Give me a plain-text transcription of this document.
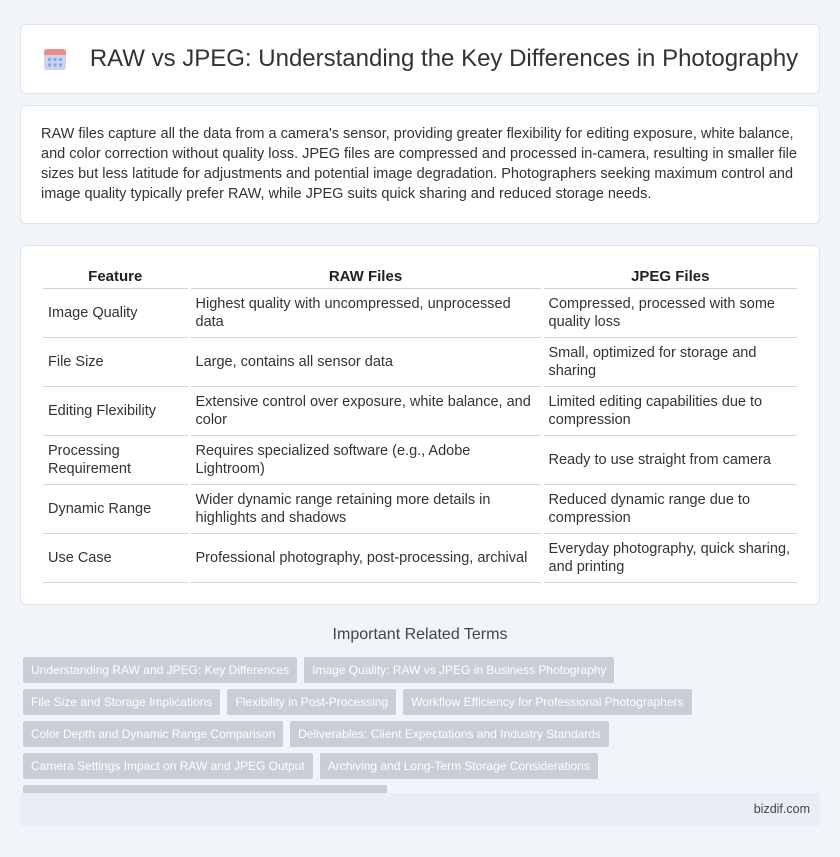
RAW vs JPEG: Understanding the Key Differences in Photography

RAW files capture all the data from a camera's sensor, providing greater flexibility for editing exposure, white balance, and color correction without quality loss. JPEG files are compressed and processed in-camera, resulting in smaller file sizes but less latitude for adjustments and potential image degradation. Photographers seeking maximum control and image quality typically prefer RAW, while JPEG suits quick sharing and reduced storage needs.

Feature	RAW Files	JPEG Files
Image Quality	Highest quality with uncompressed, unprocessed data	Compressed, processed with some quality loss
File Size	Large, contains all sensor data	Small, optimized for storage and sharing
Editing Flexibility	Extensive control over exposure, white balance, and color	Limited editing capabilities due to compression
Processing Requirement	Requires specialized software (e.g., Adobe Lightroom)	Ready to use straight from camera
Dynamic Range	Wider dynamic range retaining more details in highlights and shadows	Reduced dynamic range due to compression
Use Case	Professional photography, post-processing, archival	Everyday photography, quick sharing, and printing
Important Related Terms
Understanding RAW and JPEG: Key Differences	Image Quality: RAW vs JPEG in Business Photography
File Size and Storage Implications	Flexibility in Post-Processing	Workflow Efficiency for Professional Photographers
Color Depth and Dynamic Range Comparison	Deliverables: Client Expectations and Industry Standards
Camera Settings Impact on RAW and JPEG Output	Archiving and Long-Term Storage Considerations
bizdif.com
